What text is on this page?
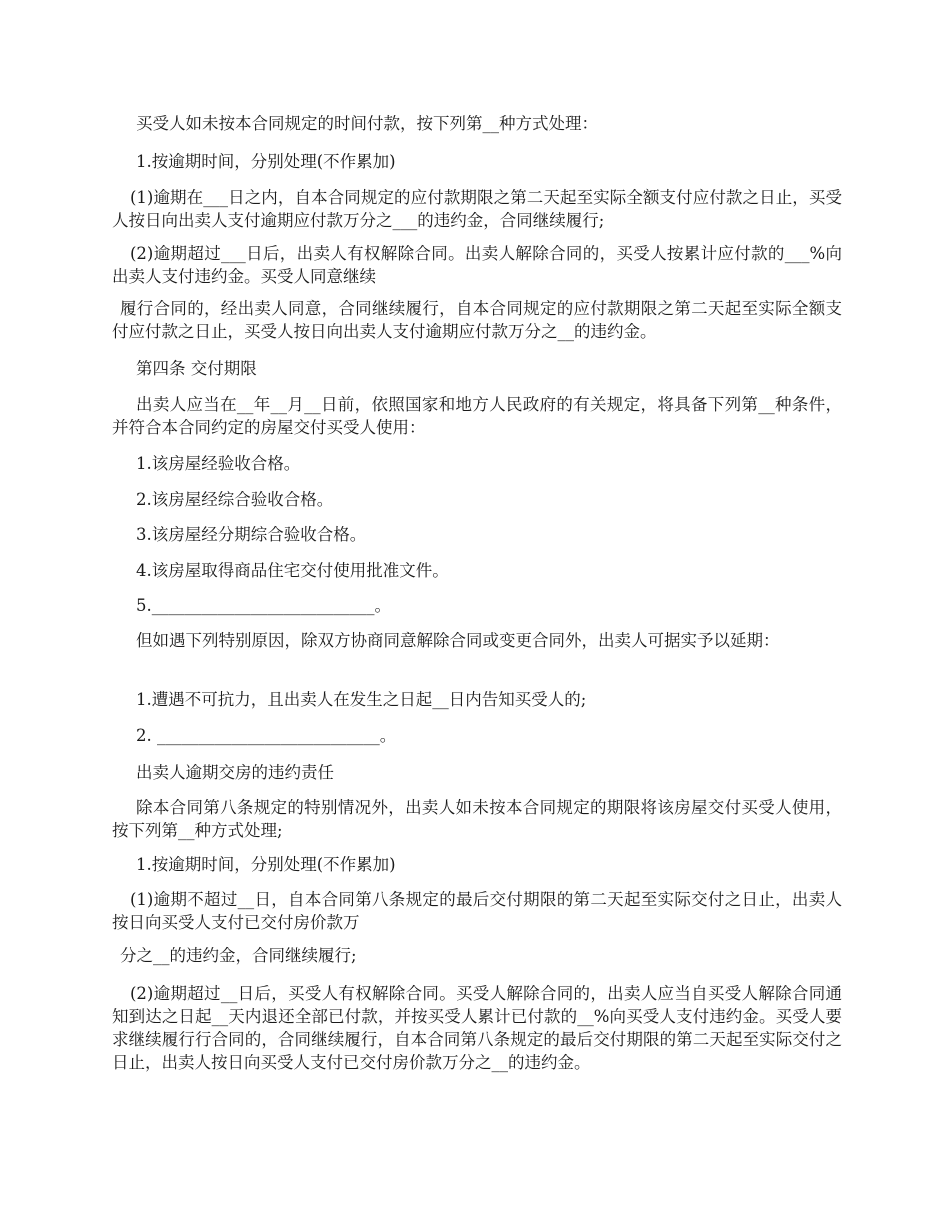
买受人如未按本合同规定的时间付款，按下列第__种方式处理：

1.按逾期时间，分别处理(不作累加)

(1)逾期在___日之内，自本合同规定的应付款期限之第二天起至实际全额支付应付款之日止，买受人按日向出卖人支付逾期应付款万分之___的违约金，合同继续履行;

(2)逾期超过___日后，出卖人有权解除合同。出卖人解除合同的，买受人按累计应付款的___%向出卖人支付违约金。买受人同意继续

履行合同的，经出卖人同意，合同继续履行，自本合同规定的应付款期限之第二天起至实际全额支付应付款之日止，买受人按日向出卖人支付逾期应付款万分之__的违约金。

第四条 交付期限

出卖人应当在__年__月__日前，依照国家和地方人民政府的有关规定，将具备下列第__种条件，并符合本合同约定的房屋交付买受人使用：

1.该房屋经验收合格。

2.该房屋经综合验收合格。

3.该房屋经分期综合验收合格。

4.该房屋取得商品住宅交付使用批准文件。

5.___________________________。

但如遇下列特别原因，除双方协商同意解除合同或变更合同外，出卖人可据实予以延期：

1.遭遇不可抗力，且出卖人在发生之日起__日内告知买受人的;

2. ___________________________。

出卖人逾期交房的违约责任

除本合同第八条规定的特别情况外，出卖人如未按本合同规定的期限将该房屋交付买受人使用，按下列第__种方式处理;

1.按逾期时间，分别处理(不作累加)

(1)逾期不超过__日，自本合同第八条规定的最后交付期限的第二天起至实际交付之日止，出卖人按日向买受人支付已交付房价款万

分之__的违约金，合同继续履行;

(2)逾期超过__日后，买受人有权解除合同。买受人解除合同的，出卖人应当自买受人解除合同通知到达之日起__天内退还全部已付款，并按买受人累计已付款的__%向买受人支付违约金。买受人要求继续履行行合同的，合同继续履行，自本合同第八条规定的最后交付期限的第二天起至实际交付之日止，出卖人按日向买受人支付已交付房价款万分之__的违约金。
